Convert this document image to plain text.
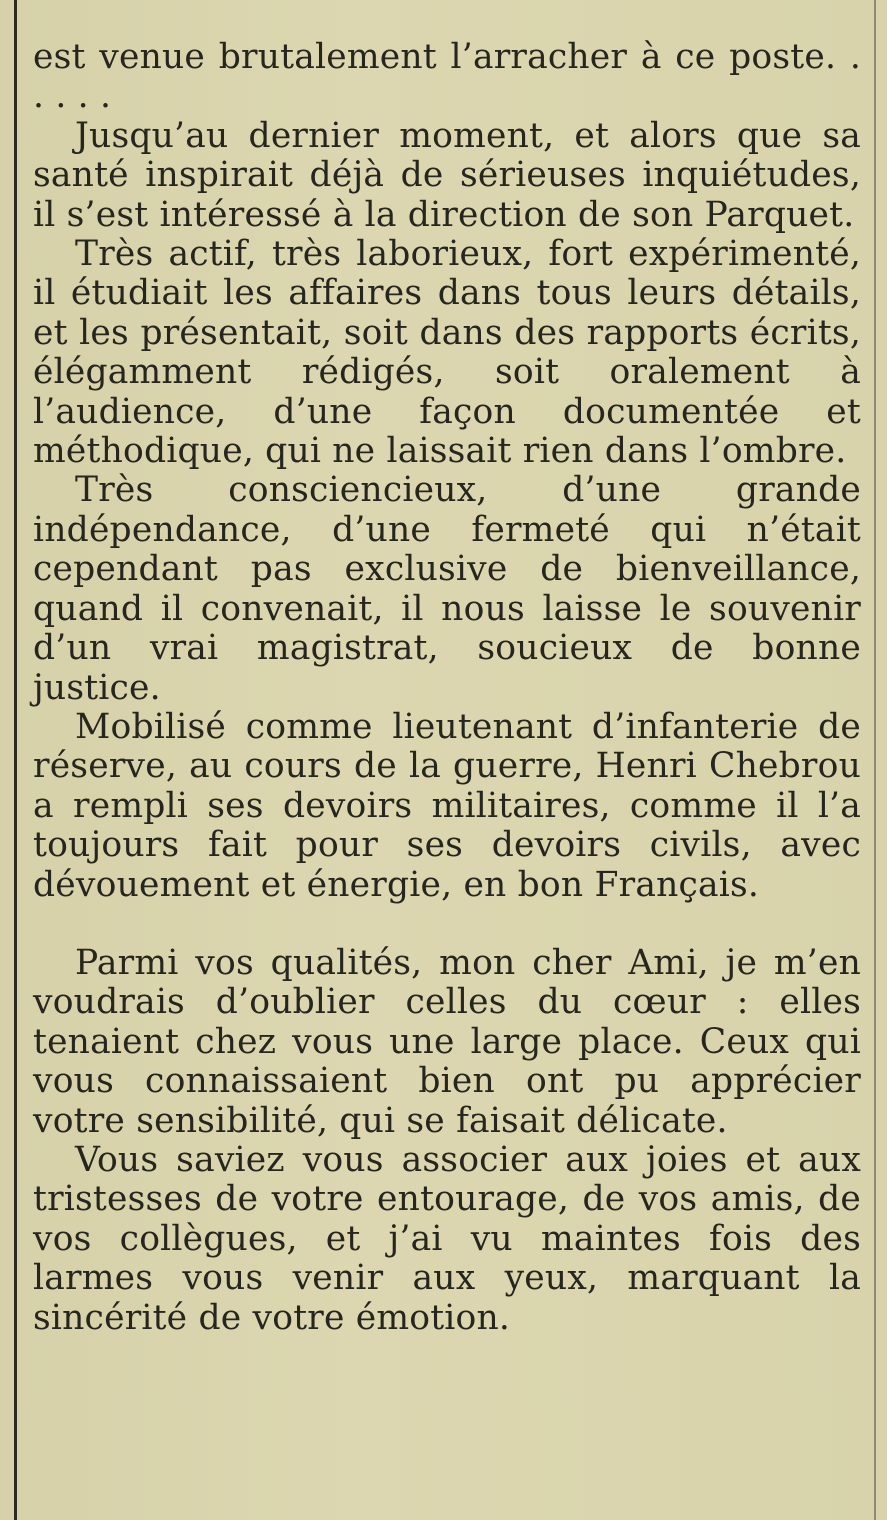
est venue brutalement l’arracher à ce poste. . . . . .

Jusqu’au dernier moment, et alors que sa santé inspirait déjà de sérieuses inquiétudes, il s’est intéressé à la direction de son Parquet.

Très actif, très laborieux, fort expérimenté, il étudiait les affaires dans tous leurs détails, et les présentait, soit dans des rapports écrits, élégamment rédigés, soit oralement à l’audience, d’une façon documentée et méthodique, qui ne laissait rien dans l’ombre.

Très consciencieux, d’une grande indépendance, d’une fermeté qui n’était cependant pas exclusive de bienveillance, quand il convenait, il nous laisse le souvenir d’un vrai magistrat, soucieux de bonne justice.

Mobilisé comme lieutenant d’infanterie de réserve, au cours de la guerre, Henri Chebrou a rempli ses devoirs militaires, comme il l’a toujours fait pour ses devoirs civils, avec dévouement et énergie, en bon Français.

Parmi vos qualités, mon cher Ami, je m’en voudrais d’oublier celles du cœur : elles tenaient chez vous une large place. Ceux qui vous connaissaient bien ont pu apprécier votre sensibilité, qui se faisait délicate.

Vous saviez vous associer aux joies et aux tristesses de votre entourage, de vos amis, de vos collègues, et j’ai vu maintes fois des larmes vous venir aux yeux, marquant la sincérité de votre émotion.
